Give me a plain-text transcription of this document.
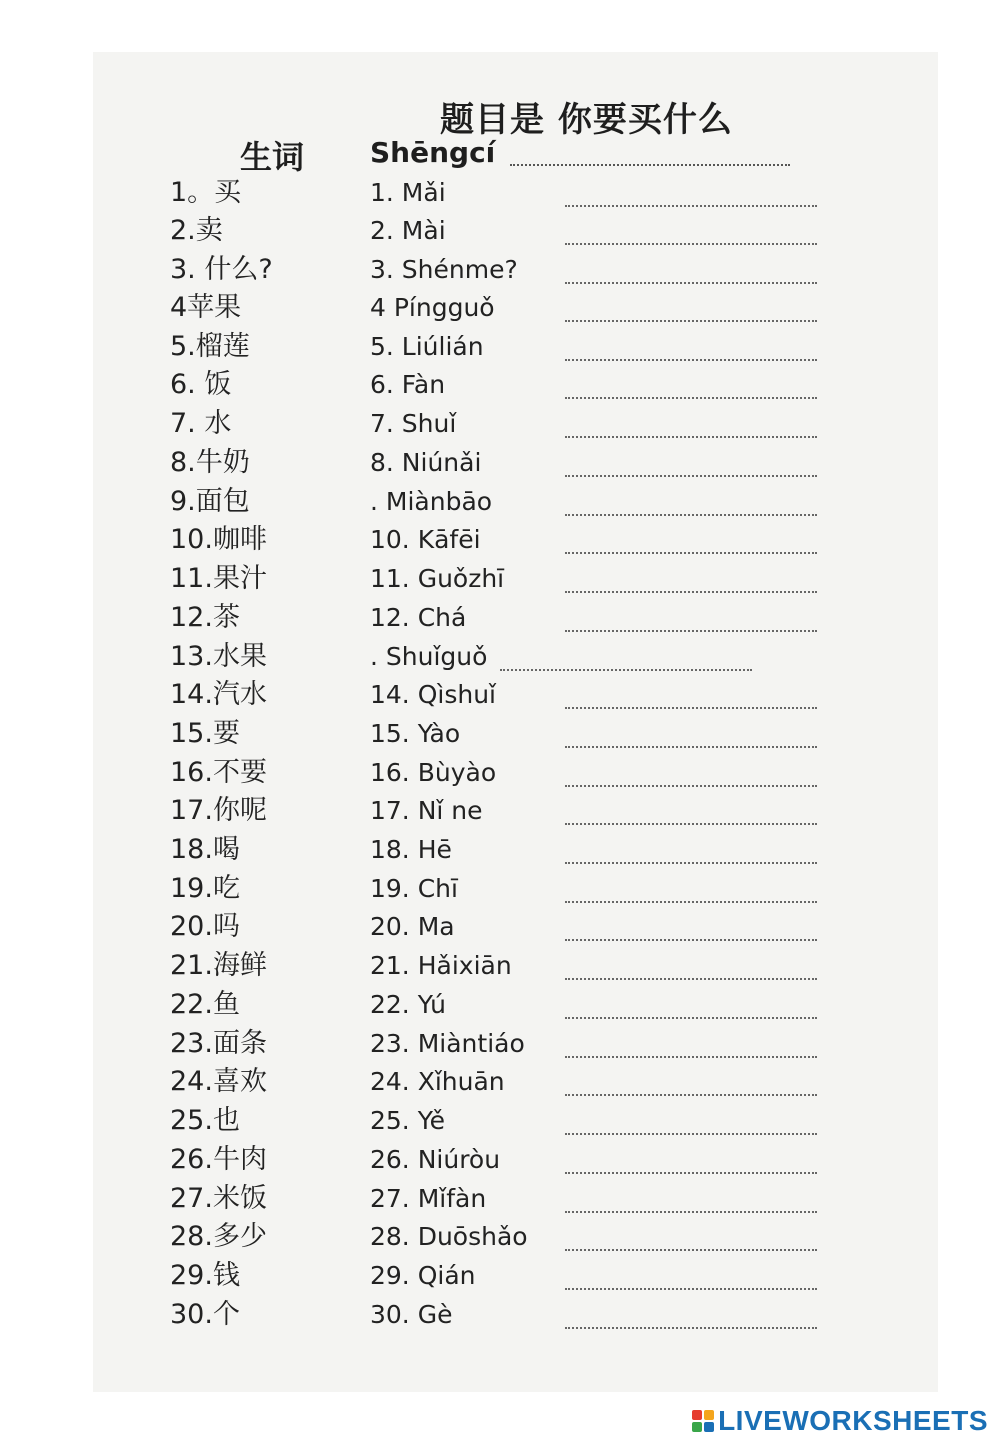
题目是 你要买什么
生词 Shēngcí
1。买	1. Mǎi
2.卖	2. Mài
3. 什么?	3. Shénme?
4苹果	4 Píngguǒ
5.榴莲	5. Liúlián
6. 饭	6. Fàn
7. 水	7. Shuǐ
8.牛奶	8. Niúnǎi
9.面包	. Miànbāo
10.咖啡	10. Kāfēi
11.果汁	11. Guǒzhī
12.茶	12. Chá
13.水果	. Shuǐguǒ
14.汽水	14. Qìshuǐ
15.要	15. Yào
16.不要	16. Bùyào
17.你呢	17. Nǐ ne
18.喝	18. Hē
19.吃	19. Chī
20.吗	20. Ma
21.海鲜	21. Hǎixiān
22.鱼	22. Yú
23.面条	23. Miàntiáo
24.喜欢	24. Xǐhuān
25.也	25. Yě
26.牛肉	26. Niúròu
27.米饭	27. Mǐfàn
28.多少	28. Duōshǎo
29.钱	29. Qián
30.个	30. Gè
LIVEWORKSHEETS
